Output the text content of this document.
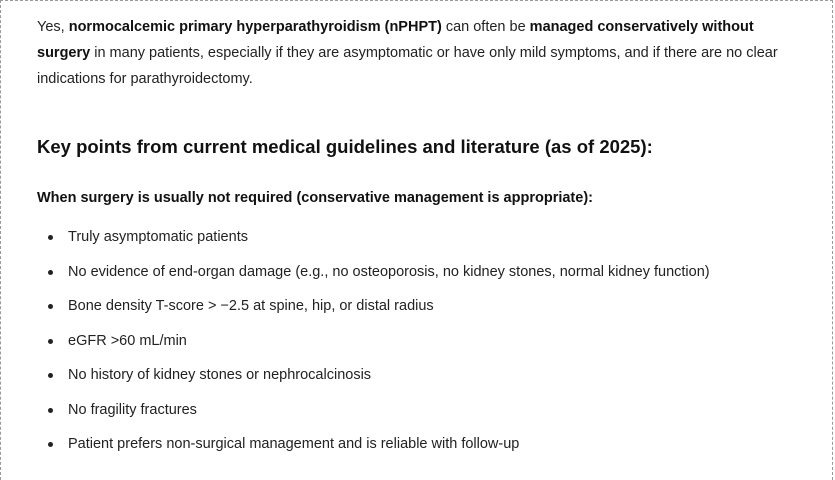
Yes, normocalcemic primary hyperparathyroidism (nPHPT) can often be managed conservatively without surgery in many patients, especially if they are asymptomatic or have only mild symptoms, and if there are no clear indications for parathyroidectomy.

Key points from current medical guidelines and literature (as of 2025):

When surgery is usually not required (conservative management is appropriate):

Truly asymptomatic patients
No evidence of end-organ damage (e.g., no osteoporosis, no kidney stones, normal kidney function)
Bone density T-score > −2.5 at spine, hip, or distal radius
eGFR >60 mL/min
No history of kidney stones or nephrocalcinosis
No fragility fractures
Patient prefers non-surgical management and is reliable with follow-up
